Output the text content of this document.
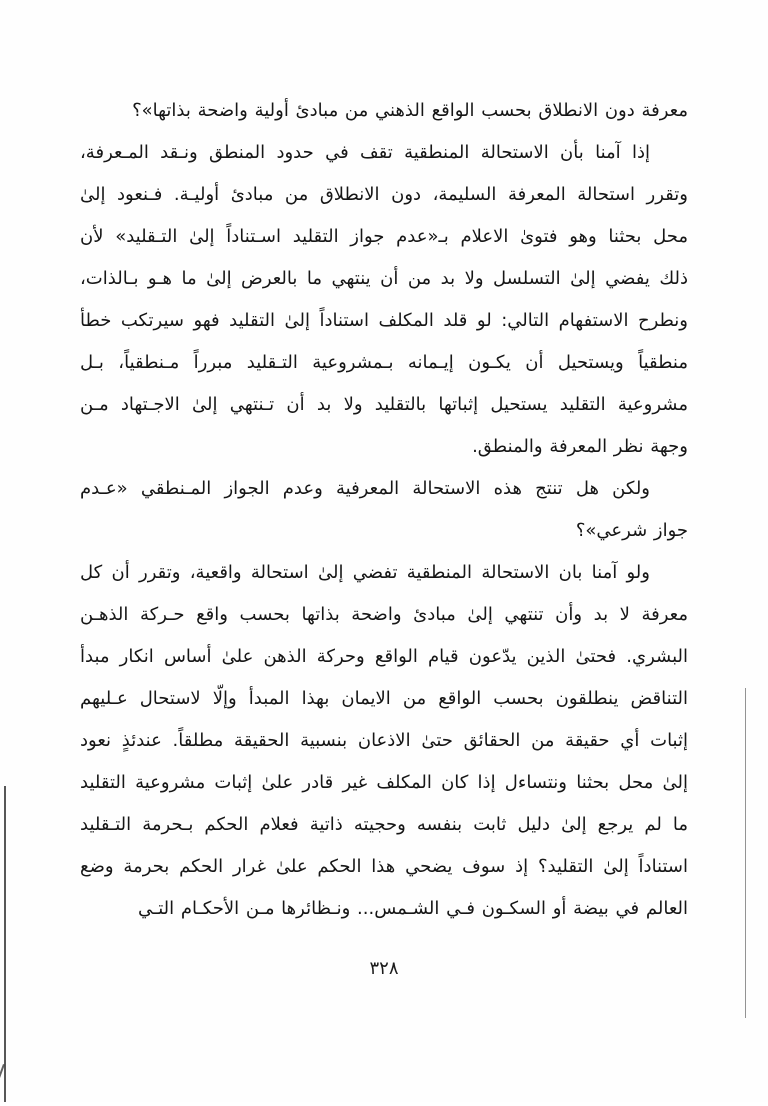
معرفة دون الانطلاق بحسب الواقع الذهني من مبادئ أولية واضحة بذاتها»؟
إذا آمنا بأن الاستحالة المنطقية تقف في حدود المنطق ونـقد المـعرفة،
وتقرر استحالة المعرفة السليمة، دون الانطلاق من مبادئ أوليـة. فـنعود إلىٰ
محل بحثنا وهو فتوىٰ الاعلام بـ«عدم جواز التقليد اسـتناداً إلىٰ التـقليد» لأن
ذلك يفضي إلىٰ التسلسل ولا بد من أن ينتهي ما بالعرض إلىٰ ما هـو بـالذات،
ونطرح الاستفهام التالي: لو قلد المكلف استناداً إلىٰ التقليد فهو سيرتكب خطأ
منطقياً ويستحيل أن يكـون إيـمانه بـمشروعية التـقليد مبرراً مـنطقياً، بـل
مشروعية التقليد يستحيل إثباتها بالتقليد ولا بد أن تـنتهي إلىٰ الاجـتهاد مـن
وجهة نظر المعرفة والمنطق.
ولكن هل تنتج هذه الاستحالة المعرفية وعدم الجواز المـنطقي «عـدم
جواز شرعي»؟
ولو آمنا بان الاستحالة المنطقية تفضي إلىٰ استحالة واقعية، وتقرر أن كل
معرفة لا بد وأن تنتهي إلىٰ مبادئ واضحة بذاتها بحسب واقع حـركة الذهـن
البشري. فحتىٰ الذين يدّعون قيام الواقع وحركة الذهن علىٰ أساس انكار مبدأ
التناقض ينطلقون بحسب الواقع من الايمان بهذا المبدأ وإلّا لاستحال عـليهم
إثبات أي حقيقة من الحقائق حتىٰ الاذعان بنسبية الحقيقة مطلقاً. عندئذٍ نعود
إلىٰ محل بحثنا ونتساءل إذا كان المكلف غير قادر علىٰ إثبات مشروعية التقليد
ما لم يرجع إلىٰ دليل ثابت بنفسه وحجيته ذاتية فعلام الحكم بـحرمة التـقليد
استناداً إلىٰ التقليد؟ إذ سوف يضحي هذا الحكم علىٰ غرار الحكم بحرمة وضع
العالم في بيضة أو السكـون فـي الشـمس... ونـظائرها مـن الأحكـام التـي
٣٢٨
